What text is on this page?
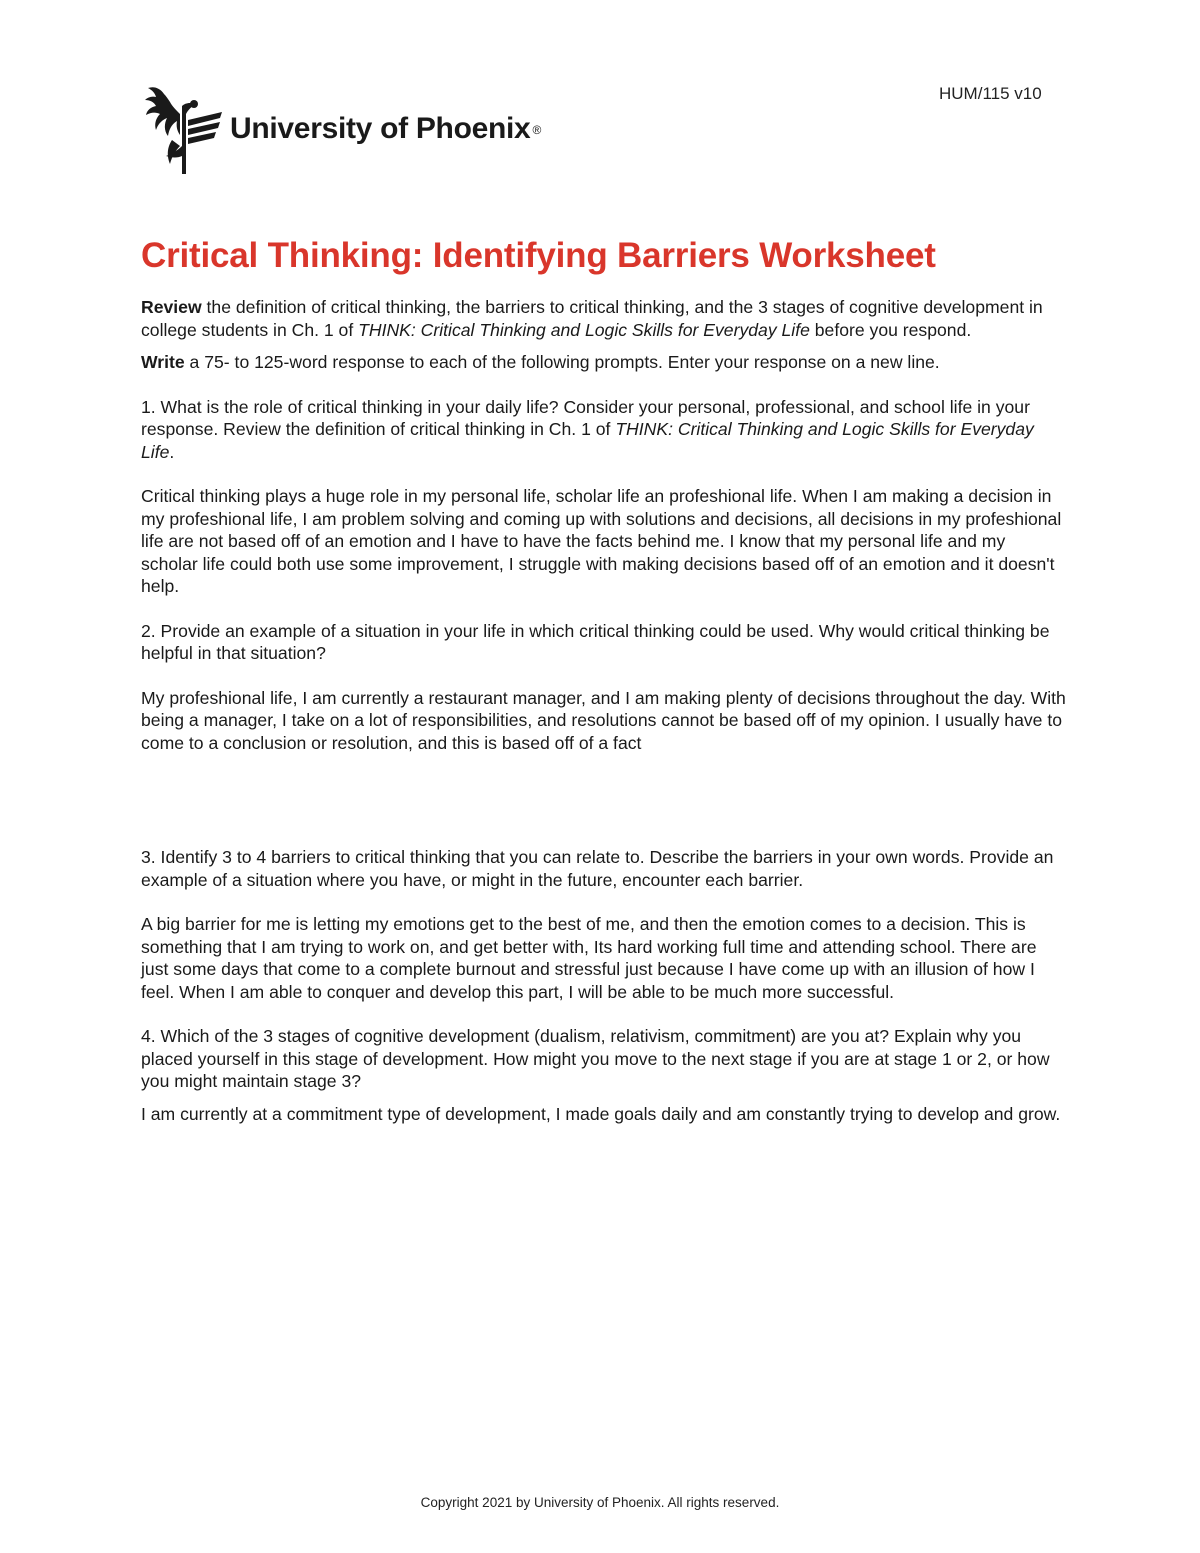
HUM/115 v10
University of Phoenix ®
Critical Thinking: Identifying Barriers Worksheet

Review the definition of critical thinking, the barriers to critical thinking, and the 3 stages of cognitive development in college students in Ch. 1 of THINK: Critical Thinking and Logic Skills for Everyday Life before you respond.

Write a 75- to 125-word response to each of the following prompts. Enter your response on a new line.

1. What is the role of critical thinking in your daily life? Consider your personal, professional, and school life in your response. Review the definition of critical thinking in Ch. 1 of THINK: Critical Thinking and Logic Skills for Everyday Life.

Critical thinking plays a huge role in my personal life, scholar life an profeshional life. When I am making a decision in my profeshional life, I am problem solving and coming up with solutions and decisions, all decisions in my profeshional life are not based off of an emotion and I have to have the facts behind me. I know that my personal life and my scholar life could both use some improvement, I struggle with making decisions based off of an emotion and it doesn't help.

2. Provide an example of a situation in your life in which critical thinking could be used. Why would critical thinking be helpful in that situation?

My profeshional life, I am currently a restaurant manager, and I am making plenty of decisions throughout the day. With being a manager, I take on a lot of responsibilities, and resolutions cannot be based off of my opinion. I usually have to come to a conclusion or resolution, and this is based off of a fact

3. Identify 3 to 4 barriers to critical thinking that you can relate to. Describe the barriers in your own words. Provide an example of a situation where you have, or might in the future, encounter each barrier.

A big barrier for me is letting my emotions get to the best of me, and then the emotion comes to a decision. This is something that I am trying to work on, and get better with, Its hard working full time and attending school. There are just some days that come to a complete burnout and stressful just because I have come up with an illusion of how I feel. When I am able to conquer and develop this part, I will be able to be much more successful.

4. Which of the 3 stages of cognitive development (dualism, relativism, commitment) are you at? Explain why you placed yourself in this stage of development. How might you move to the next stage if you are at stage 1 or 2, or how you might maintain stage 3?

I am currently at a commitment type of development, I made goals daily and am constantly trying to develop and grow.

Copyright 2021 by University of Phoenix. All rights reserved.
